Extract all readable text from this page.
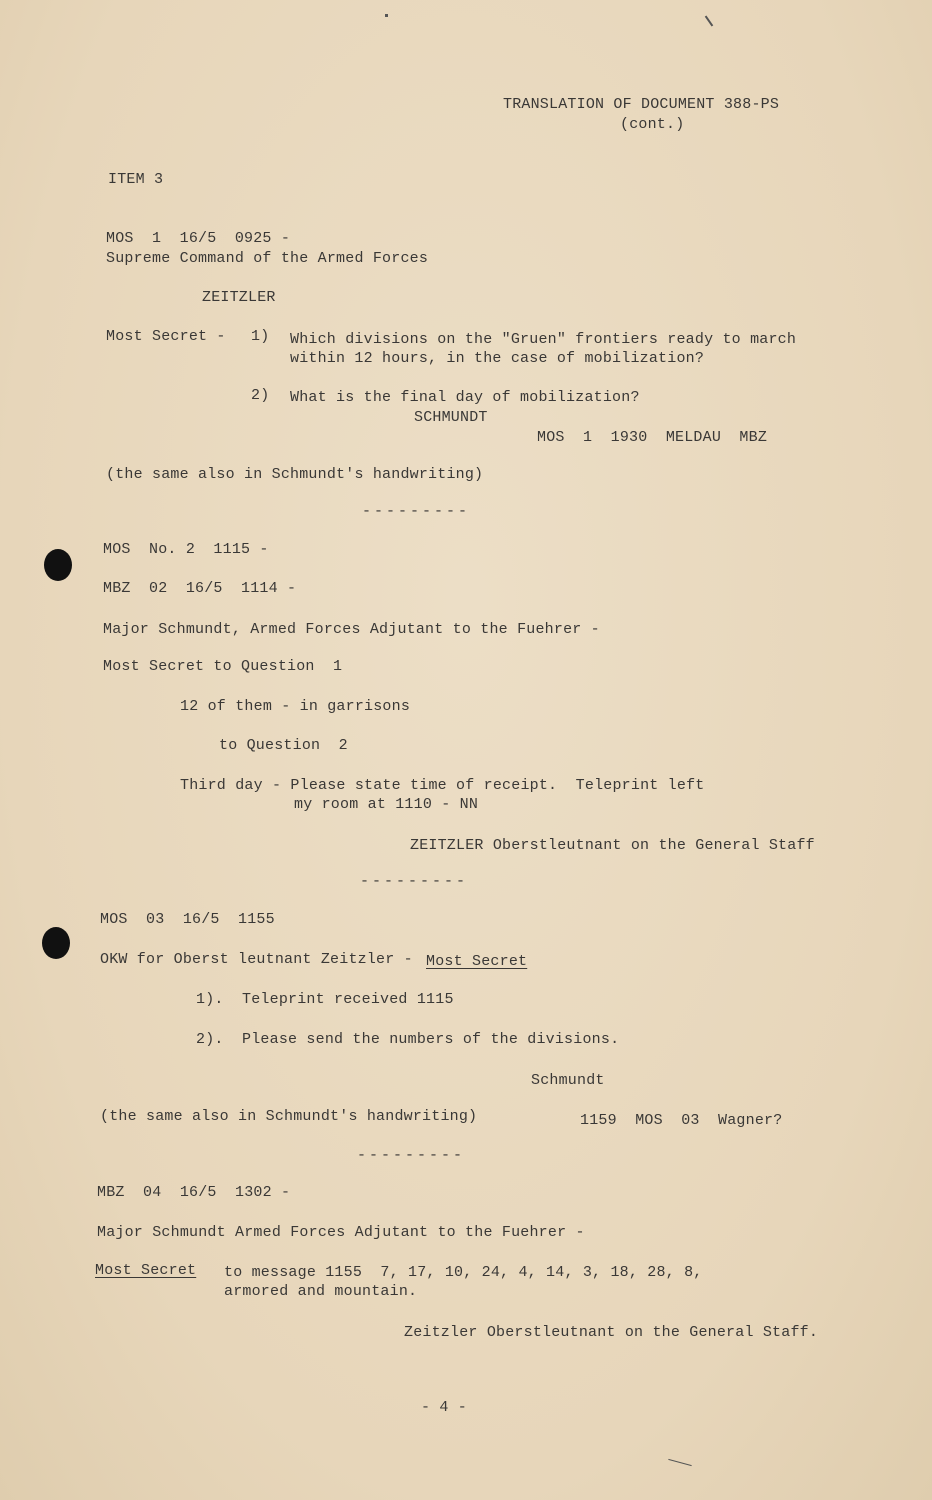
TRANSLATION OF DOCUMENT 388-PS
(cont.)
ITEM 3
MOS  1  16/5  0925 -
Supreme Command of the Armed Forces
ZEITZLER
Most Secret - 1) Which divisions on the "Gruen" frontiers ready to march
within 12 hours, in the case of mobilization?
2) What is the final day of mobilization?
SCHMUNDT
MOS  1  1930  MELDAU  MBZ
(the same also in Schmundt's handwriting)
---------
MOS  No. 2  1115 -
MBZ  02  16/5  1114 -
Major Schmundt, Armed Forces Adjutant to the Fuehrer -
Most Secret to Question  1
12 of them - in garrisons
to Question  2
Third day - Please state time of receipt.  Teleprint left
my room at 1110 - NN
ZEITZLER Oberstleutnant on the General Staff
---------
MOS  03  16/5  1155
OKW for Oberst leutnant Zeitzler - Most Secret
1).  Teleprint received 1115
2).  Please send the numbers of the divisions.
Schmundt
(the same also in Schmundt's handwriting)	1159  MOS  03  Wagner?
---------
MBZ  04  16/5  1302 -
Major Schmundt Armed Forces Adjutant to the Fuehrer -
Most Secret to message 1155  7, 17, 10, 24, 4, 14, 3, 18, 28, 8,
armored and mountain.
Zeitzler Oberstleutnant on the General Staff.
- 4 -
